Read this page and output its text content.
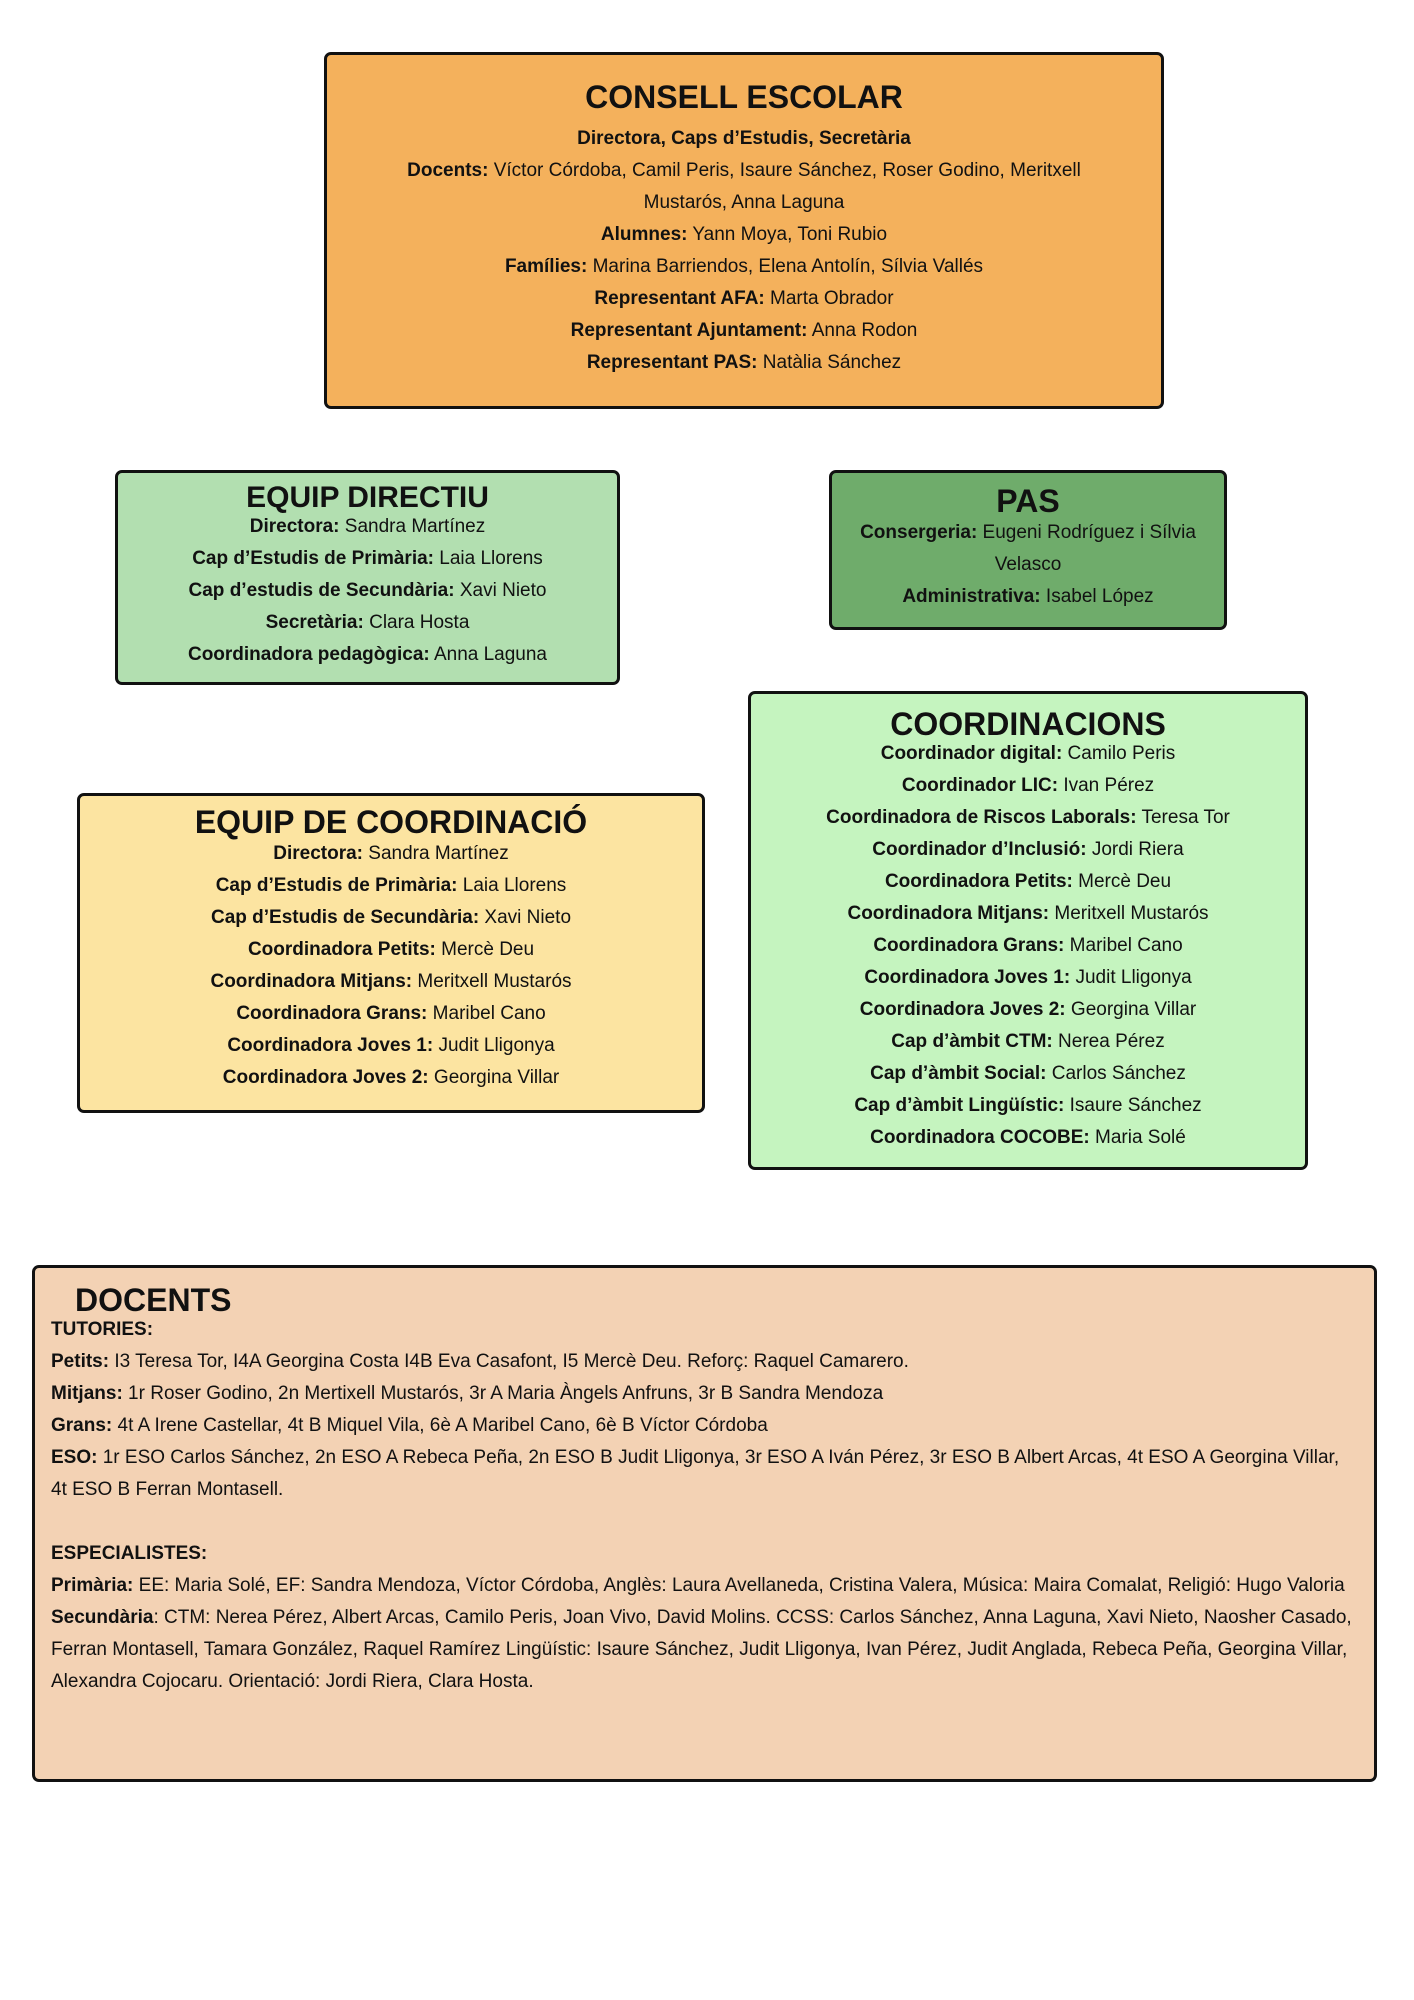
CONSELL ESCOLAR
Directora, Caps d’Estudis, Secretària
Docents: Víctor Córdoba, Camil Peris, Isaure Sánchez, Roser Godino, Meritxell Mustarós, Anna Laguna
Alumnes: Yann Moya, Toni Rubio
Famílies: Marina Barriendos, Elena Antolín, Sílvia Vallés
Representant AFA: Marta Obrador
Representant Ajuntament: Anna Rodon
Representant PAS: Natàlia Sánchez
EQUIP DIRECTIU
Directora: Sandra Martínez
Cap d’Estudis de Primària: Laia Llorens
Cap d’estudis de Secundària: Xavi Nieto
Secretària: Clara Hosta
Coordinadora pedagògica: Anna Laguna
PAS
Consergeria: Eugeni Rodríguez i Sílvia Velasco
Administrativa: Isabel López
COORDINACIONS
Coordinador digital: Camilo Peris
Coordinador LIC: Ivan Pérez
Coordinadora de Riscos Laborals: Teresa Tor
Coordinador d’Inclusió: Jordi Riera
Coordinadora Petits: Mercè Deu
Coordinadora Mitjans: Meritxell Mustarós
Coordinadora Grans: Maribel Cano
Coordinadora Joves 1: Judit Lligonya
Coordinadora Joves 2: Georgina Villar
Cap d’àmbit CTM: Nerea Pérez
Cap d’àmbit Social: Carlos Sánchez
Cap d’àmbit Lingüístic: Isaure Sánchez
Coordinadora COCOBE: Maria Solé
EQUIP DE COORDINACIÓ
Directora: Sandra Martínez
Cap d’Estudis de Primària: Laia Llorens
Cap d’Estudis de Secundària: Xavi Nieto
Coordinadora Petits: Mercè Deu
Coordinadora Mitjans: Meritxell Mustarós
Coordinadora Grans: Maribel Cano
Coordinadora Joves 1: Judit Lligonya
Coordinadora Joves 2: Georgina Villar
DOCENTS
TUTORIES:
Petits: I3 Teresa Tor, I4A Georgina Costa I4B Eva Casafont, I5 Mercè Deu. Reforç: Raquel Camarero.
Mitjans: 1r Roser Godino, 2n Mertixell Mustarós, 3r A Maria Àngels Anfruns, 3r B Sandra Mendoza
Grans: 4t A Irene Castellar, 4t B Miquel Vila, 6è A Maribel Cano, 6è B Víctor Córdoba
ESO: 1r ESO Carlos Sánchez, 2n ESO A Rebeca Peña, 2n ESO B Judit Lligonya, 3r ESO A Iván Pérez, 3r ESO B Albert Arcas, 4t ESO A Georgina Villar, 4t ESO B Ferran Montasell.
ESPECIALISTES:
Primària: EE: Maria Solé, EF: Sandra Mendoza, Víctor Córdoba, Anglès: Laura Avellaneda, Cristina Valera, Música: Maira Comalat, Religió: Hugo Valoria
Secundària: CTM: Nerea Pérez, Albert Arcas, Camilo Peris, Joan Vivo, David Molins. CCSS: Carlos Sánchez, Anna Laguna, Xavi Nieto, Naosher Casado, Ferran Montasell, Tamara González, Raquel Ramírez Lingüístic: Isaure Sánchez, Judit Lligonya, Ivan Pérez, Judit Anglada, Rebeca Peña, Georgina Villar, Alexandra Cojocaru. Orientació: Jordi Riera, Clara Hosta.
